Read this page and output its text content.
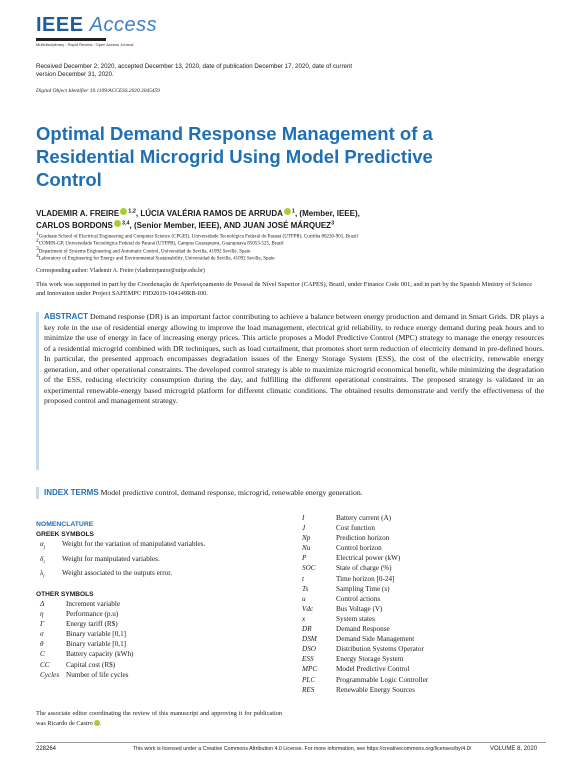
IEEE Access
Multidisciplinary : Rapid Review : Open Access Journal
Received December 2, 2020, accepted December 13, 2020, date of publication December 17, 2020, date of current version December 31, 2020.
Digital Object Identifier 10.1109/ACCESS.2020.3045459
Optimal Demand Response Management of a Residential Microgrid Using Model Predictive Control
VLADEMIR A. FREIRE $^{1,2}$, LÚCIA VALÉRIA RAMOS DE ARRUDA $^1$, (Member, IEEE),
CARLOS BORDONS $^{3,4}$, (Senior Member, IEEE), AND JUAN JOSÉ MÁRQUEZ$^3$
$^1$Graduate School of Electrical Engineering and Computer Science (CPGEI), Universidade Tecnológica Federal do Paraná (UTFPR), Curitiba 80230-901, Brazil
$^2$COMIN-GP, Universidade Tecnológica Federal do Paraná (UTFPR), Campus Guarapuava, Guarapuava 85053-525, Brazil
$^3$Department of Systems Engineering and Automatic Control, Universidad de Sevilla, 41092 Seville, Spain
$^4$Laboratory of Engineering for Energy and Environmental Sustainability, Universidad de Sevilla, 41092 Seville, Spain
Corresponding author: Vlademir A. Freire (vladimirjunior@utfpr.edu.br)
This work was supported in part by the Coordenação de Aperfeiçoamento de Pessoal de Nível Superior (CAPES), Brazil, under Finance Code 001, and in part by the Spanish Ministry of Science and Innovation under Project SAFEMPC PID2019-104149RB-I00.
ABSTRACT Demand response (DR) is an important factor contributing to achieve a balance between energy production and demand in Smart Grids. DR plays a key role in the use of residential energy allowing to improve the load management, electrical grid reliability, to reduce energy demand during peak hours and to minimize the use of energy in face of increasing energy prices. This article proposes a Model Predictive Control (MPC) strategy to manage the energy resources of a residential microgrid combined with DR techniques, such as load curtailment, that promotes short term reduction of electricity demand in pre-defined hours. In particular, the presented approach encompasses degradation issues of the Energy Storage System (ESS), the cost of the electricity, renewable energy generation, and other operational constraints. The developed control strategy is able to maximize microgrid economical benefit, while minimizing the degradation of the ESS, reducing electricity consumption during the day, and fulfilling the different operational constraints. The proposed strategy is validated in an experimental renewable-energy based microgrid platform for different climatic conditions. The obtained results demonstrate and verify the effectiveness of the proposed control and management strategy.
INDEX TERMS Model predictive control, demand response, microgrid, renewable energy generation.
NOMENCLATURE
GREEK SYMBOLS
$\alpha_j$	Weight for the variation of manipulated variables.
$\delta_i$	Weight for manipulated variables.
$\lambda_i$	Weight associated to the outputs error.
OTHER SYMBOLS
Δ	Increment variable
η	Performance (p.u)
Γ	Energy tariff (R$)
σ	Binary variable [0,1]
θ	Binary variable [0,1]
C	Battery capacity (kWh)
CC	Capital cost (R$)
Cycles Number of life cycles
I	Battery current (A)
J	Cost function
Np	Prediction horizon
Nu	Control horizon
P	Electrical power (kW)
SOC	State of charge (%)
t	Time horizon [0-24]
Ts	Sampling Time (s)
u	Control actions
Vdc	Bus Voltage (V)
x	System states
DR	Demand Response
DSM	Demand Side Management
DSO	Distribution Systems Operator
ESS	Energy Storage System
MPC	Model Predictive Control
PLC	Programmable Logic Controller
RES	Renewable Energy Sources
The associate editor coordinating the review of this manuscript and approving it for publication was Ricardo de Castro .
228264	This work is licensed under a Creative Commons Attribution 4.0 License. For more information, see https://creativecommons.org/licenses/by/4.0/	VOLUME 8, 2020
